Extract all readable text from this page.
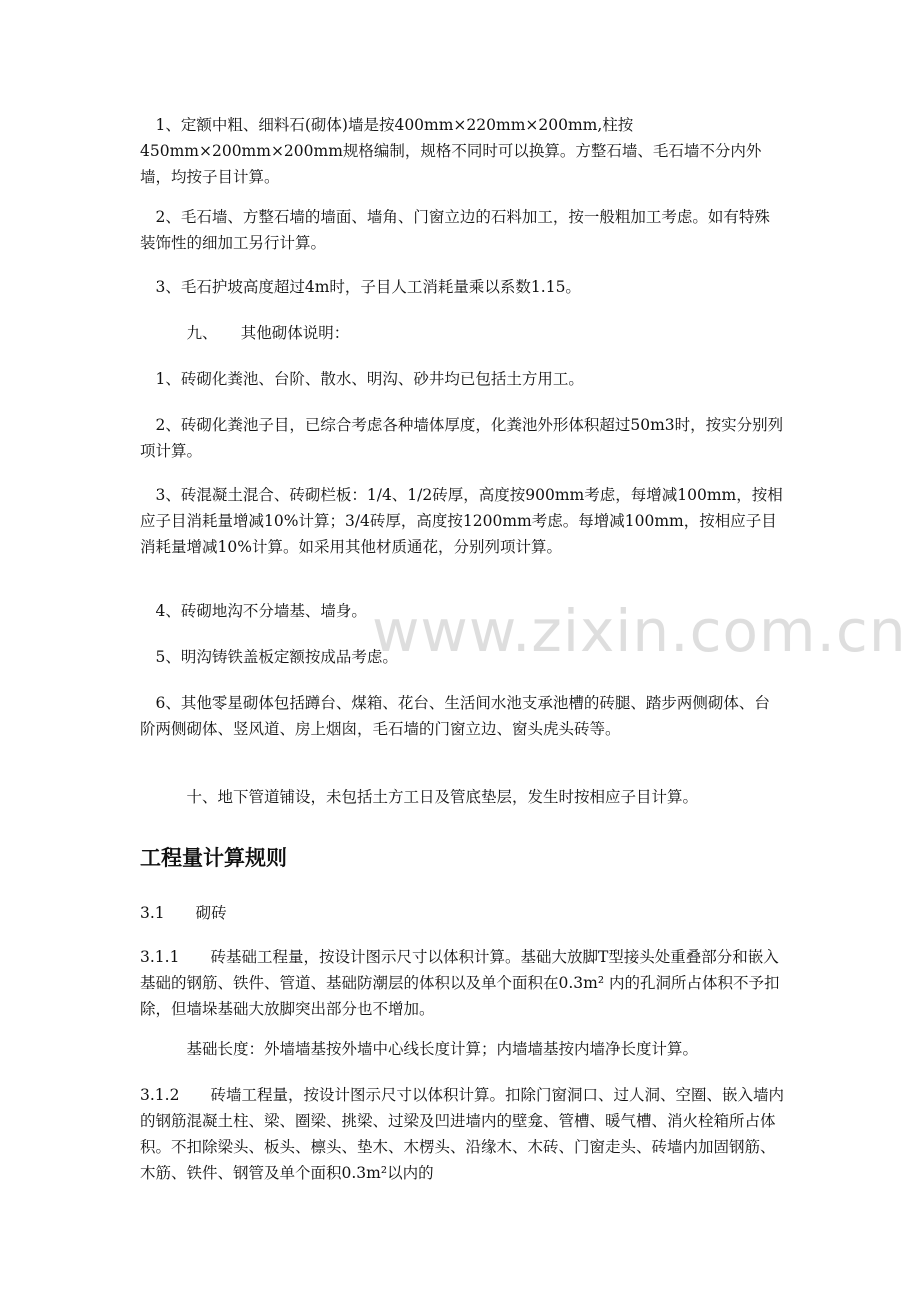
　1、定额中粗、细料石(砌体)墙是按400mm×220mm×200mm,柱按450mm×200mm×200mm规格编制，规格不同时可以换算。方整石墙、毛石墙不分内外墙，均按子目计算。

　2、毛石墙、方整石墙的墙面、墙角、门窗立边的石料加工，按一般粗加工考虑。如有特殊装饰性的细加工另行计算。

　3、毛石护坡高度超过4m时，子目人工消耗量乘以系数1.15。

　　　九、　　其他砌体说明：

　1、砖砌化粪池、台阶、散水、明沟、砂井均已包括土方用工。

　2、砖砌化粪池子目，已综合考虑各种墙体厚度，化粪池外形体积超过50m3时，按实分别列项计算。

　3、砖混凝土混合、砖砌栏板：1/4、1/2砖厚，高度按900mm考虑，每增减100mm，按相应子目消耗量增减10%计算；3/4砖厚，高度按1200mm考虑。每增减100mm，按相应子目消耗量增减10%计算。如采用其他材质通花，分别列项计算。

　4、砖砌地沟不分墙基、墙身。

　5、明沟铸铁盖板定额按成品考虑。

　6、其他零星砌体包括蹲台、煤箱、花台、生活间水池支承池槽的砖腿、踏步两侧砌体、台阶两侧砌体、竖风道、房上烟囱，毛石墙的门窗立边、窗头虎头砖等。

　　　十、地下管道铺设，未包括土方工日及管底垫层，发生时按相应子目计算。

工程量计算规则

3.1　　砌砖

3.1.1　　砖基础工程量，按设计图示尺寸以体积计算。基础大放脚T型接头处重叠部分和嵌入基础的钢筋、铁件、管道、基础防潮层的体积以及单个面积在0.3m² 内的孔洞所占体积不予扣除，但墙垛基础大放脚突出部分也不增加。

　　　基础长度：外墙墙基按外墙中心线长度计算；内墙墙基按内墙净长度计算。

3.1.2　　砖墙工程量，按设计图示尺寸以体积计算。扣除门窗洞口、过人洞、空圈、嵌入墙内的钢筋混凝土柱、梁、圈梁、挑梁、过梁及凹进墙内的壁龛、管槽、暖气槽、消火栓箱所占体积。不扣除梁头、板头、檩头、垫木、木楞头、沿缘木、木砖、门窗走头、砖墙内加固钢筋、木筋、铁件、钢管及单个面积0.3m²以内的

www.zixin.com.cn
